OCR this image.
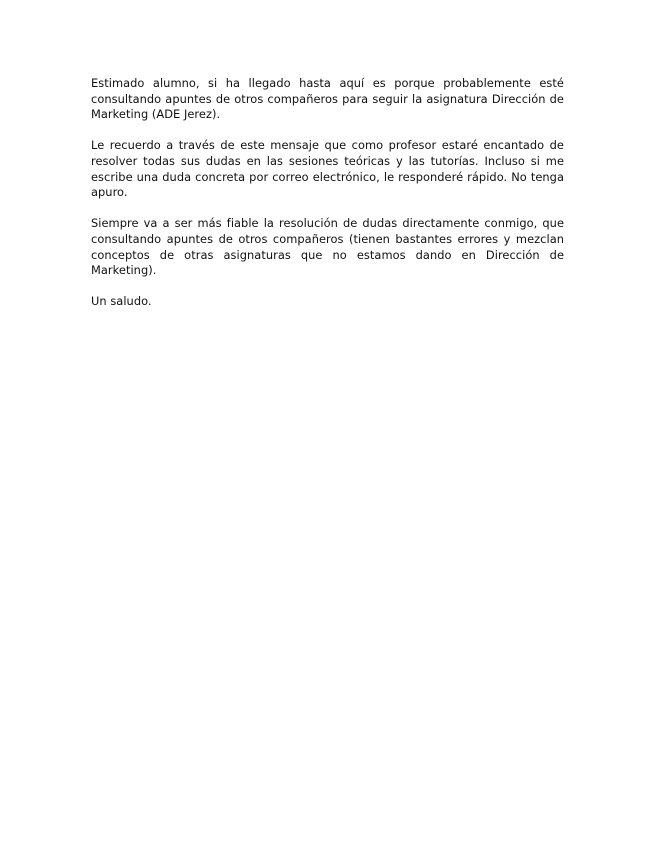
Estimado alumno, si ha llegado hasta aquí es porque probablemente esté consultando apuntes de otros compañeros para seguir la asignatura Dirección de Marketing (ADE Jerez).

Le recuerdo a través de este mensaje que como profesor estaré encantado de resolver todas sus dudas en las sesiones teóricas y las tutorías. Incluso si me escribe una duda concreta por correo electrónico, le responderé rápido. No tenga apuro.

Siempre va a ser más fiable la resolución de dudas directamente conmigo, que consultando apuntes de otros compañeros (tienen bastantes errores y mezclan conceptos de otras asignaturas que no estamos dando en Dirección de Marketing).

Un saludo.
